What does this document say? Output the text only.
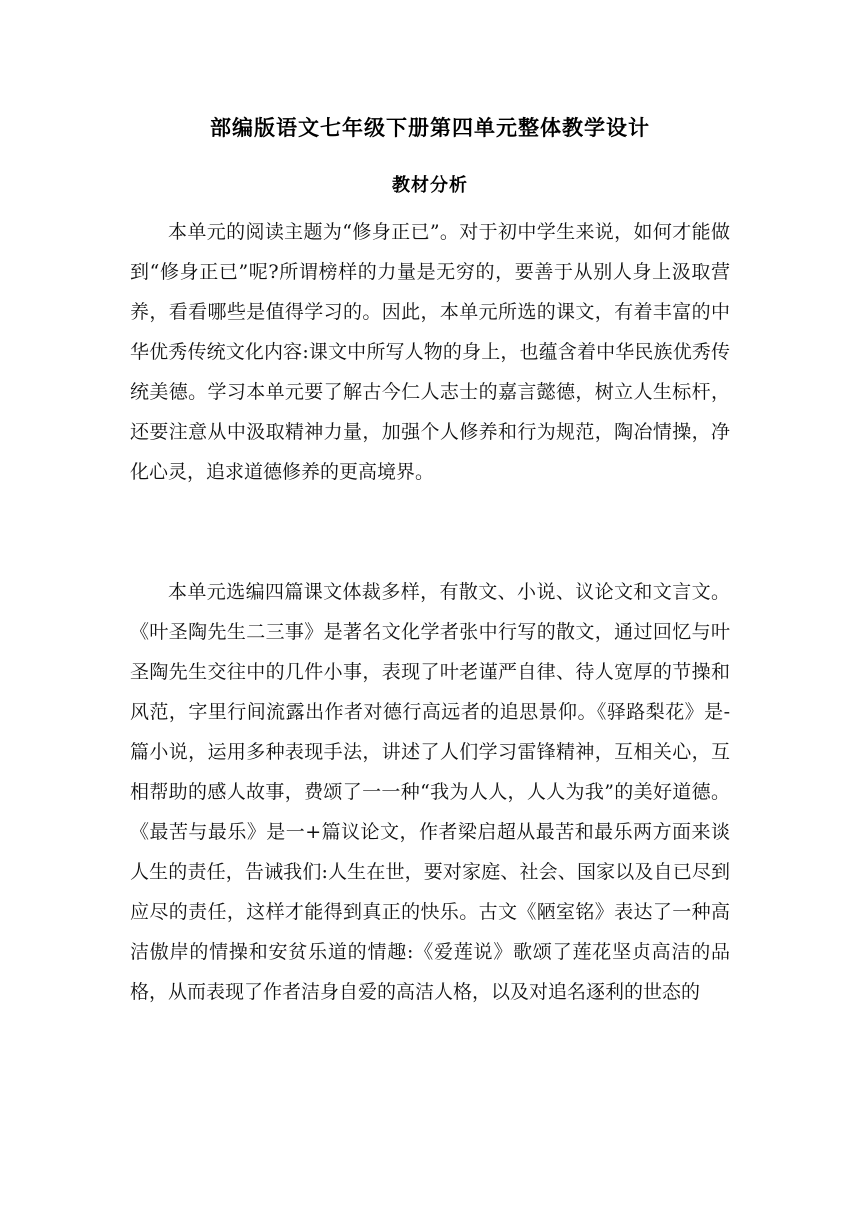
部编版语文七年级下册第四单元整体教学设计
教材分析

本单元的阅读主题为“修身正已”。对于初中学生来说，如何才能做到“修身正已”呢?所谓榜样的力量是无穷的，要善于从别人身上汲取营养，看看哪些是值得学习的。因此，本单元所选的课文，有着丰富的中华优秀传统文化内容:课文中所写人物的身上，也蕴含着中华民族优秀传统美德。学习本单元要了解古今仁人志士的嘉言懿德，树立人生标杆，还要注意从中汲取精神力量，加强个人修养和行为规范，陶冶情操，净化心灵，追求道德修养的更高境界。

本单元选编四篇课文体裁多样，有散文、小说、议论文和文言文。《叶圣陶先生二三事》是著名文化学者张中行写的散文，通过回忆与叶圣陶先生交往中的几件小事，表现了叶老谨严自律、待人宽厚的节操和风范，字里行间流露出作者对德行高远者的追思景仰。《驿路梨花》是-篇小说，运用多种表现手法，讲述了人们学习雷锋精神，互相关心，互相帮助的感人故事，费颂了一一种“我为人人，人人为我”的美好道德。《最苦与最乐》是一+篇议论文，作者梁启超从最苦和最乐两方面来谈人生的责任，告诫我们:人生在世，要对家庭、社会、国家以及自已尽到应尽的责任，这样才能得到真正的快乐。古文《陋室铭》表达了一种高洁傲岸的情操和安贫乐道的情趣:《爱莲说》歌颂了莲花坚贞高洁的品格，从而表现了作者洁身自爱的高洁人格，以及对追名逐利的世态的
